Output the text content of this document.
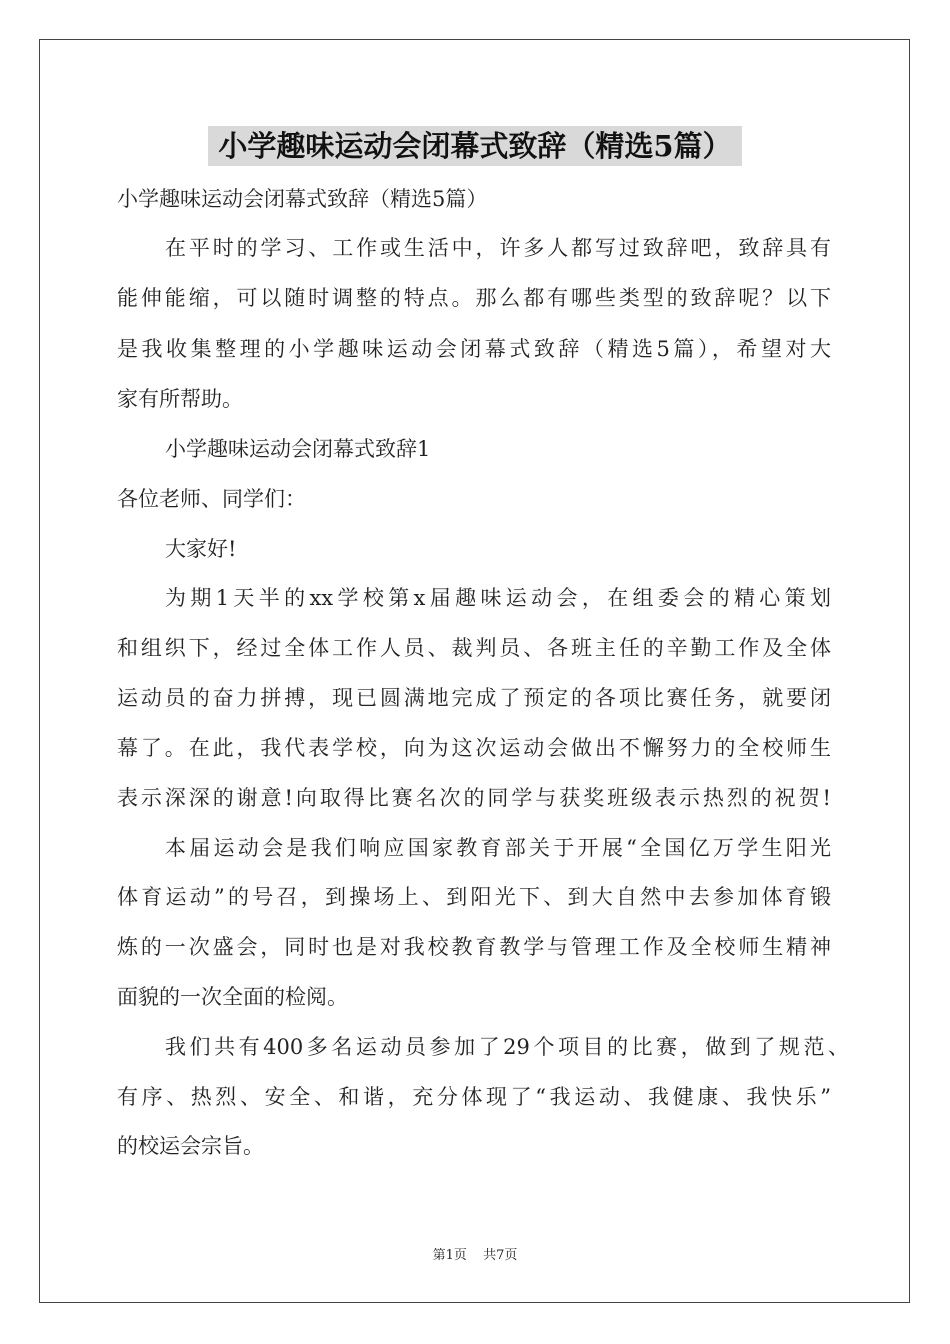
小学趣味运动会闭幕式致辞（精选5篇）
小学趣味运动会闭幕式致辞（精选5篇）
在平时的学习、工作或生活中，许多人都写过致辞吧，致辞具有
能伸能缩，可以随时调整的特点。那么都有哪些类型的致辞呢？以下
是我收集整理的小学趣味运动会闭幕式致辞（精选5篇），希望对大
家有所帮助。
小学趣味运动会闭幕式致辞1
各位老师、同学们：
大家好!
为期1天半的xx学校第x届趣味运动会，在组委会的精心策划
和组织下，经过全体工作人员、裁判员、各班主任的辛勤工作及全体
运动员的奋力拼搏，现已圆满地完成了预定的各项比赛任务，就要闭
幕了。在此，我代表学校，向为这次运动会做出不懈努力的全校师生
表示深深的谢意!向取得比赛名次的同学与获奖班级表示热烈的祝贺!
本届运动会是我们响应国家教育部关于开展“全国亿万学生阳光
体育运动”的号召，到操场上、到阳光下、到大自然中去参加体育锻
炼的一次盛会，同时也是对我校教育教学与管理工作及全校师生精神
面貌的一次全面的检阅。
我们共有400多名运动员参加了29个项目的比赛，做到了规范、
有序、热烈、安全、和谐，充分体现了“我运动、我健康、我快乐”
的校运会宗旨。
第1页 共7页
